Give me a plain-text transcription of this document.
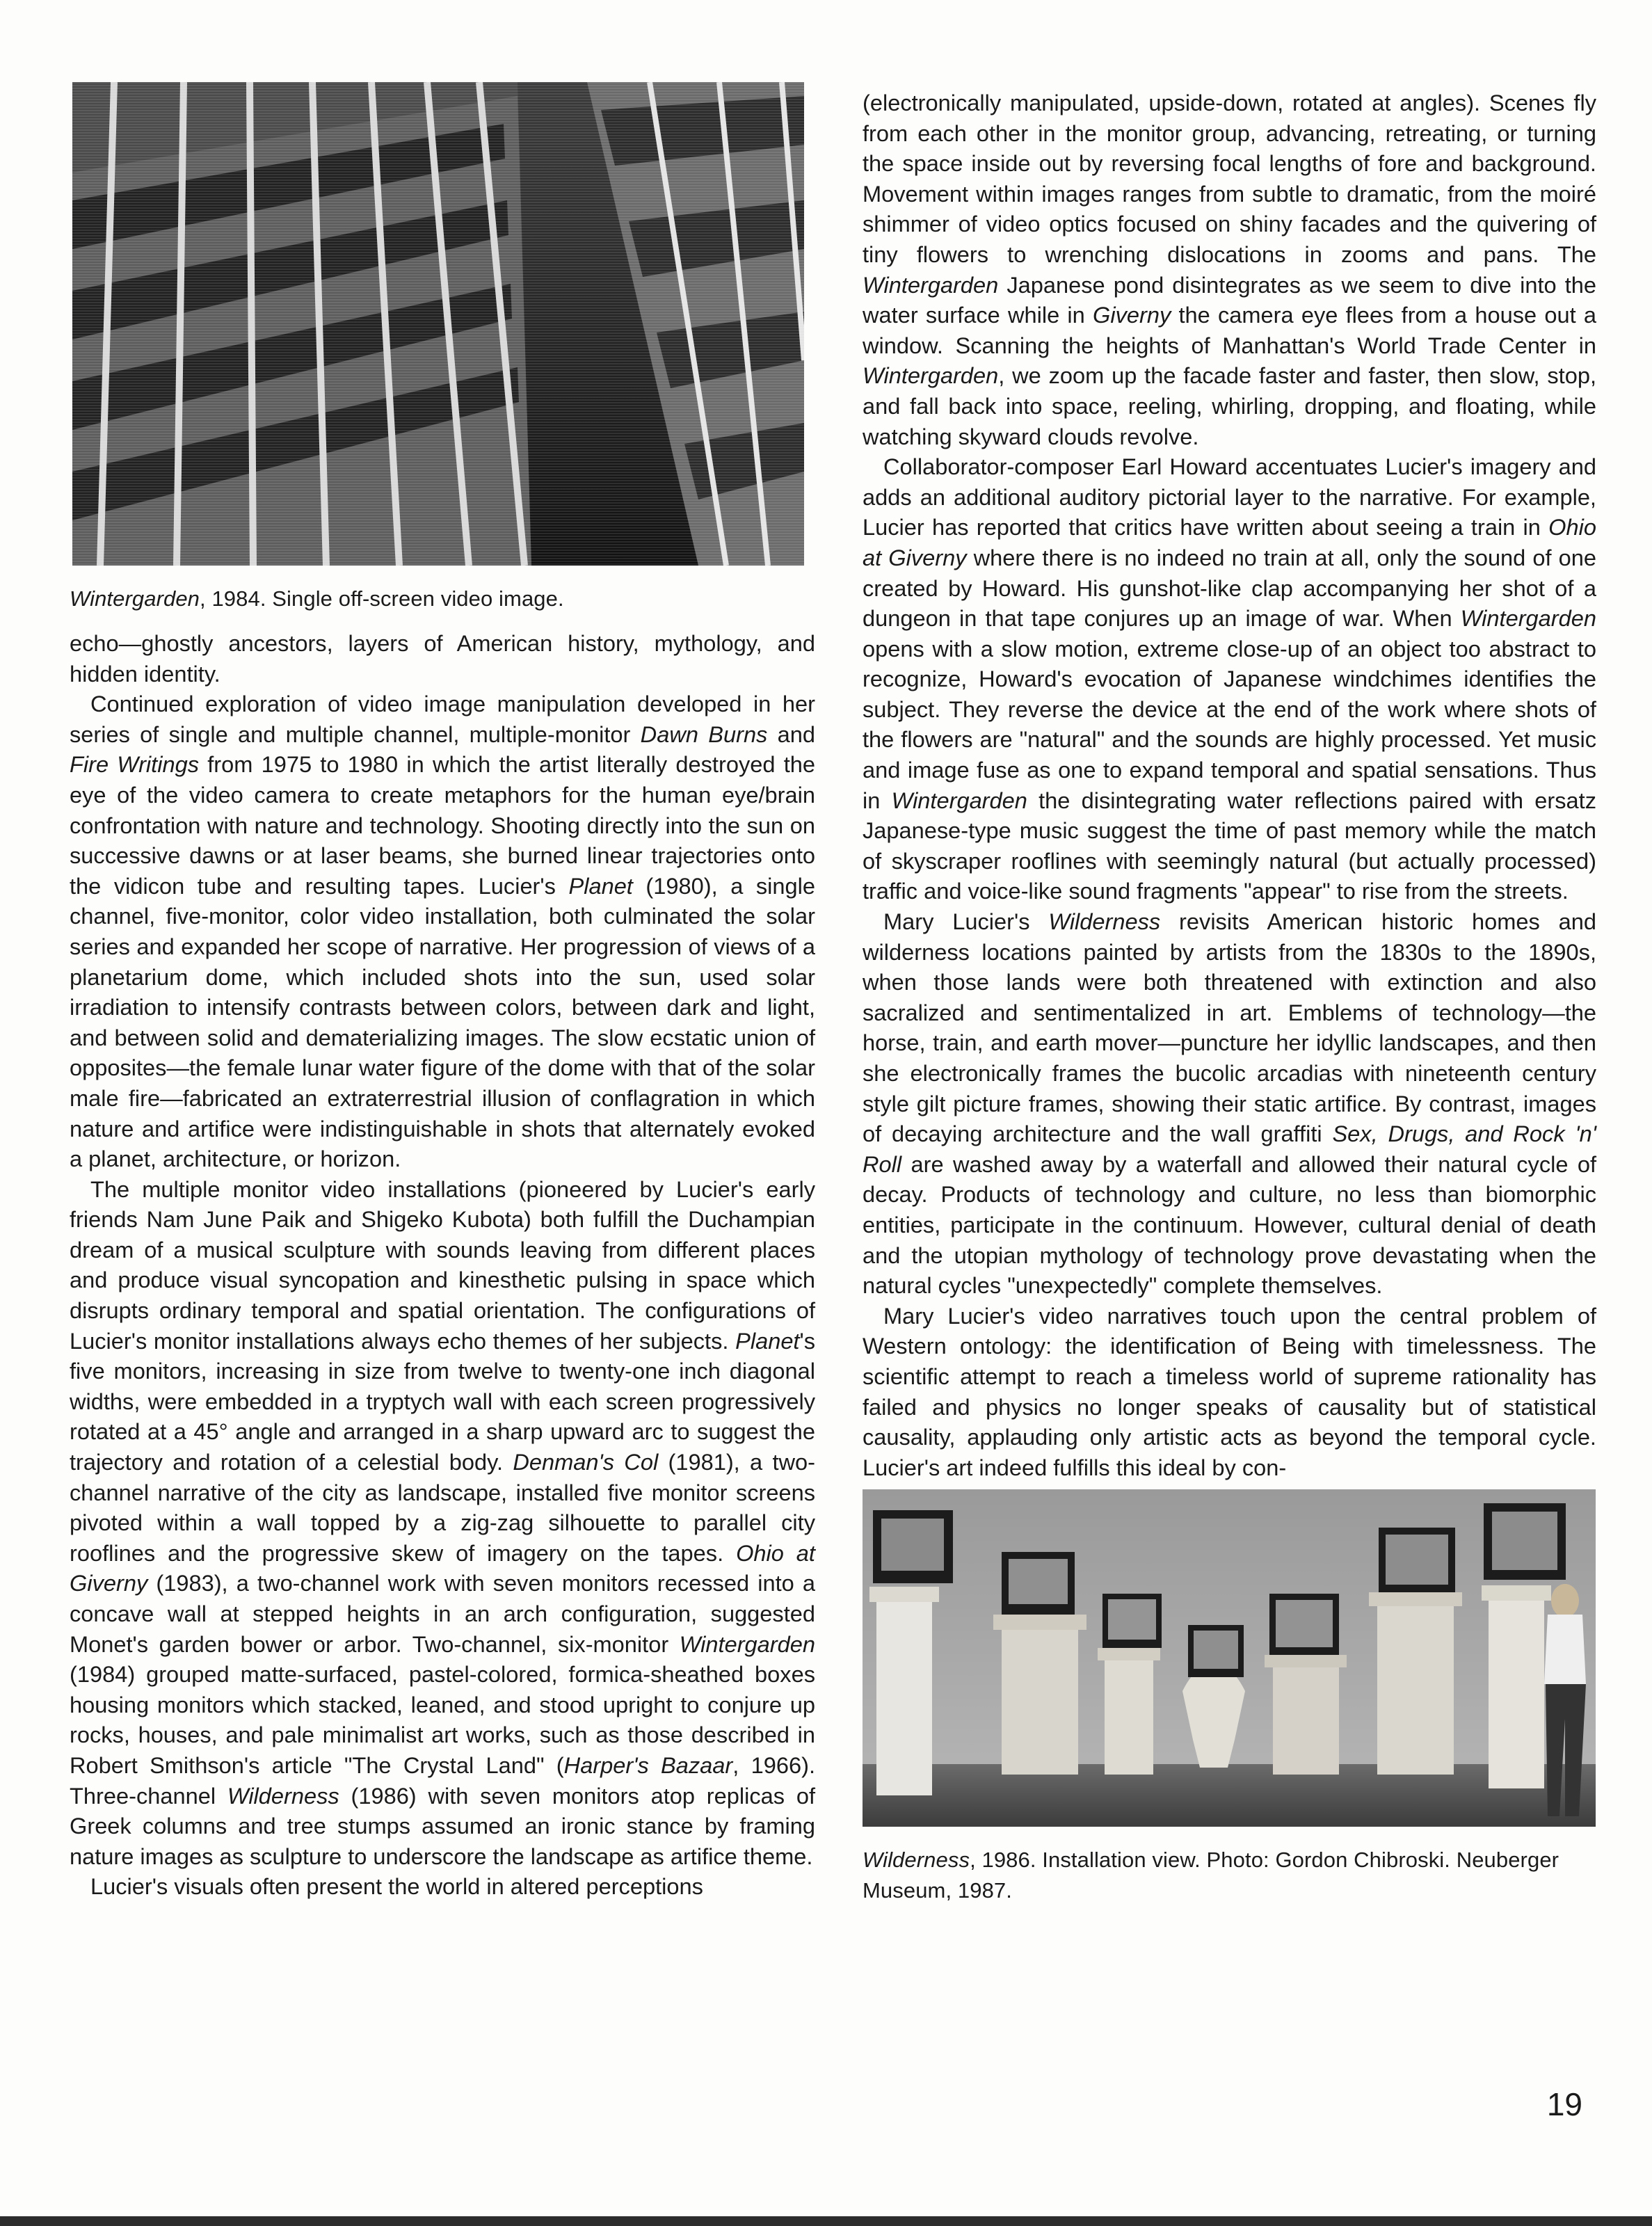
Wintergarden, 1984. Single off-screen video image.

echo—ghostly ancestors, layers of American history, mythology, and hidden identity.

Continued exploration of video image manipulation developed in her series of single and multiple channel, multiple-monitor Dawn Burns and Fire Writings from 1975 to 1980 in which the artist literally destroyed the eye of the video camera to create metaphors for the human eye/brain confrontation with nature and technology. Shooting directly into the sun on successive dawns or at laser beams, she burned linear trajectories onto the vidicon tube and resulting tapes. Lucier's Planet (1980), a single channel, five-monitor, color video installation, both culminated the solar series and expanded her scope of narrative. Her progression of views of a planetarium dome, which included shots into the sun, used solar irradiation to intensify contrasts between colors, between dark and light, and between solid and dematerializing images. The slow ecstatic union of opposites—the female lunar water figure of the dome with that of the solar male fire—fabricated an extraterrestrial illusion of conflagration in which nature and artifice were indistinguishable in shots that alternately evoked a planet, architecture, or horizon.

The multiple monitor video installations (pioneered by Lucier's early friends Nam June Paik and Shigeko Kubota) both fulfill the Duchampian dream of a musical sculpture with sounds leaving from different places and produce visual syncopation and kinesthetic pulsing in space which disrupts ordinary temporal and spatial orientation. The configurations of Lucier's monitor installations always echo themes of her subjects. Planet's five monitors, increasing in size from twelve to twenty-one inch diagonal widths, were embedded in a tryptych wall with each screen progressively rotated at a 45° angle and arranged in a sharp upward arc to suggest the trajectory and rotation of a celestial body. Denman's Col (1981), a two-channel narrative of the city as landscape, installed five monitor screens pivoted within a wall topped by a zig-zag silhouette to parallel city rooflines and the progressive skew of imagery on the tapes. Ohio at Giverny (1983), a two-channel work with seven monitors recessed into a concave wall at stepped heights in an arch configuration, suggested Monet's garden bower or arbor. Two-channel, six-monitor Wintergarden (1984) grouped matte-surfaced, pastel-colored, formica-sheathed boxes housing monitors which stacked, leaned, and stood upright to conjure up rocks, houses, and pale minimalist art works, such as those described in Robert Smithson's article "The Crystal Land" (Harper's Bazaar, 1966). Three-channel Wilderness (1986) with seven monitors atop replicas of Greek columns and tree stumps assumed an ironic stance by framing nature images as sculpture to underscore the landscape as artifice theme.

Lucier's visuals often present the world in altered perceptions

(electronically manipulated, upside-down, rotated at angles). Scenes fly from each other in the monitor group, advancing, retreating, or turning the space inside out by reversing focal lengths of fore and background. Movement within images ranges from subtle to dramatic, from the moiré shimmer of video optics focused on shiny facades and the quivering of tiny flowers to wrenching dislocations in zooms and pans. The Wintergarden Japanese pond disintegrates as we seem to dive into the water surface while in Giverny the camera eye flees from a house out a window. Scanning the heights of Manhattan's World Trade Center in Wintergarden, we zoom up the facade faster and faster, then slow, stop, and fall back into space, reeling, whirling, dropping, and floating, while watching skyward clouds revolve.

Collaborator-composer Earl Howard accentuates Lucier's imagery and adds an additional auditory pictorial layer to the narrative. For example, Lucier has reported that critics have written about seeing a train in Ohio at Giverny where there is no indeed no train at all, only the sound of one created by Howard. His gunshot-like clap accompanying her shot of a dungeon in that tape conjures up an image of war. When Wintergarden opens with a slow motion, extreme close-up of an object too abstract to recognize, Howard's evocation of Japanese windchimes identifies the subject. They reverse the device at the end of the work where shots of the flowers are "natural" and the sounds are highly processed. Yet music and image fuse as one to expand temporal and spatial sensations. Thus in Wintergarden the disintegrating water reflections paired with ersatz Japanese-type music suggest the time of past memory while the match of skyscraper rooflines with seemingly natural (but actually processed) traffic and voice-like sound fragments "appear" to rise from the streets.

Mary Lucier's Wilderness revisits American historic homes and wilderness locations painted by artists from the 1830s to the 1890s, when those lands were both threatened with extinction and also sacralized and sentimentalized in art. Emblems of technology—the horse, train, and earth mover—puncture her idyllic landscapes, and then she electronically frames the bucolic arcadias with nineteenth century style gilt picture frames, showing their static artifice. By contrast, images of decaying architecture and the wall graffiti Sex, Drugs, and Rock 'n' Roll are washed away by a waterfall and allowed their natural cycle of decay. Products of technology and culture, no less than biomorphic entities, participate in the continuum. However, cultural denial of death and the utopian mythology of technology prove devastating when the natural cycles "unexpectedly" complete themselves.

Mary Lucier's video narratives touch upon the central problem of Western ontology: the identification of Being with timelessness. The scientific attempt to reach a timeless world of supreme rationality has failed and physics no longer speaks of causality but of statistical causality, applauding only artistic acts as beyond the temporal cycle. Lucier's art indeed fulfills this ideal by con-

Wilderness, 1986. Installation view. Photo: Gordon Chibroski. Neuberger Museum, 1987.
19
